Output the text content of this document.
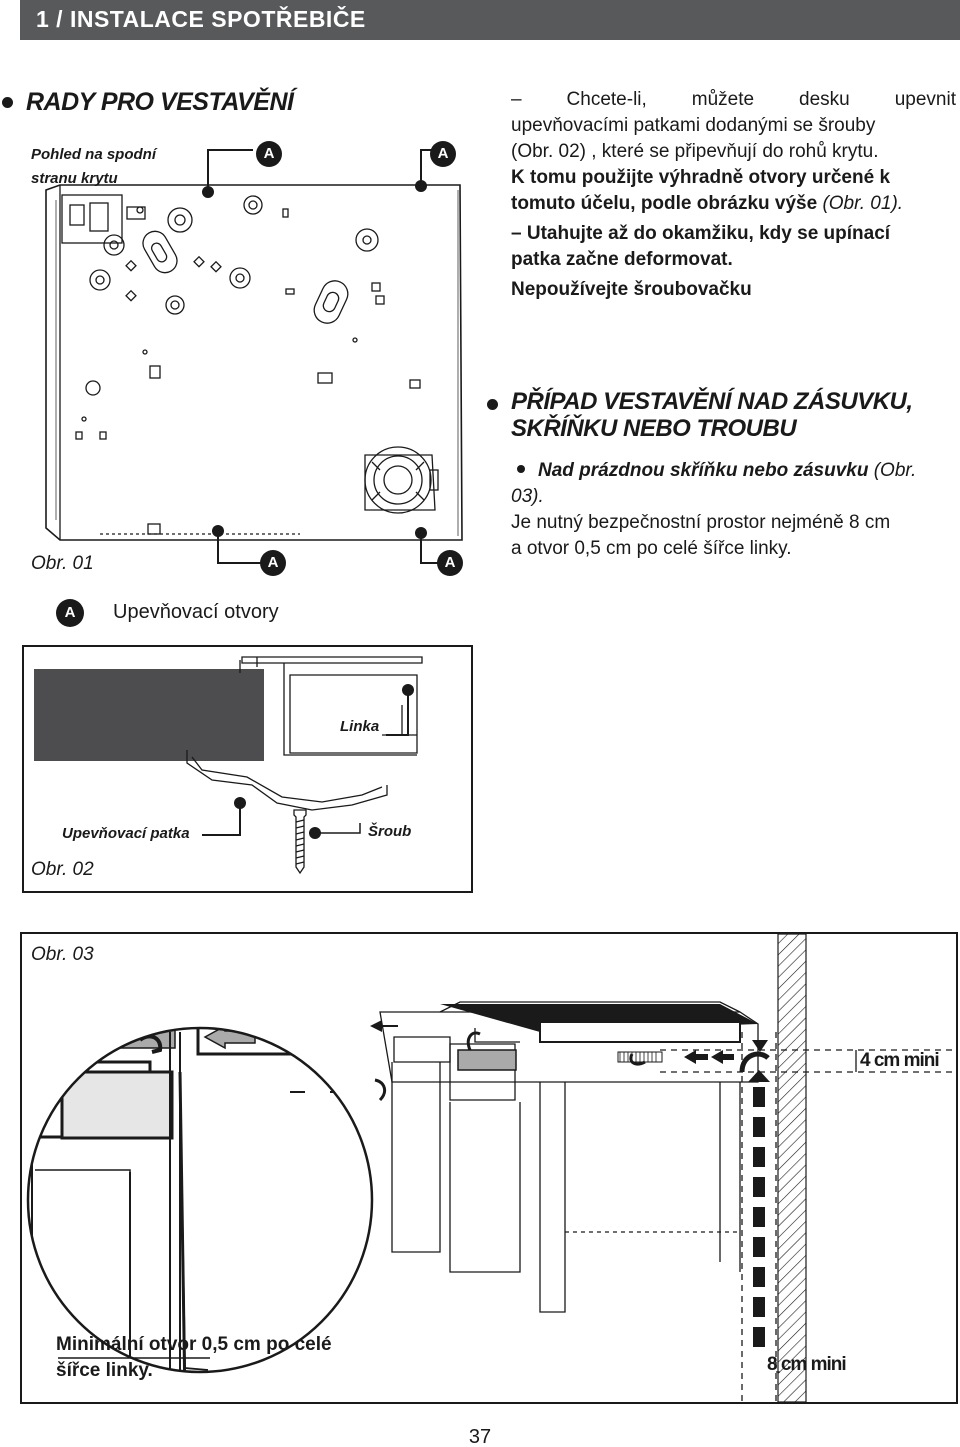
1 / INSTALACE SPOTŘEBIČE
RADY PRO VESTAVĚNÍ
Pohled na spodní
stranu krytu
A	A
A	A
Obr. 01
– Chcete-li, můžete desku upevnit
upevňovacími patkami dodanými se šrouby
(Obr. 02) , které se připevňují do rohů krytu.
K tomu použijte výhradně otvory určené k
tomuto účelu, podle obrázku výše (Obr. 01).
– Utahujte až do okamžiku, kdy se upínací
patka začne deformovat.
Nepoužívejte šroubovačku
PŘÍPAD VESTAVĚNÍ NAD ZÁSUVKU,
SKŘÍŇKU NEBO TROUBU
Nad prázdnou skříňku nebo zásuvku (Obr.
03).
Je nutný bezpečnostní prostor nejméně 8 cm
a otvor 0,5 cm po celé šířce linky.
A	Upevňovací otvory
Linka
Upevňovací patka	Šroub
Obr. 02
Obr. 03
4 cm mini
8 cm mini
Minimální otvor 0,5 cm po celé
šířce linky.
37
